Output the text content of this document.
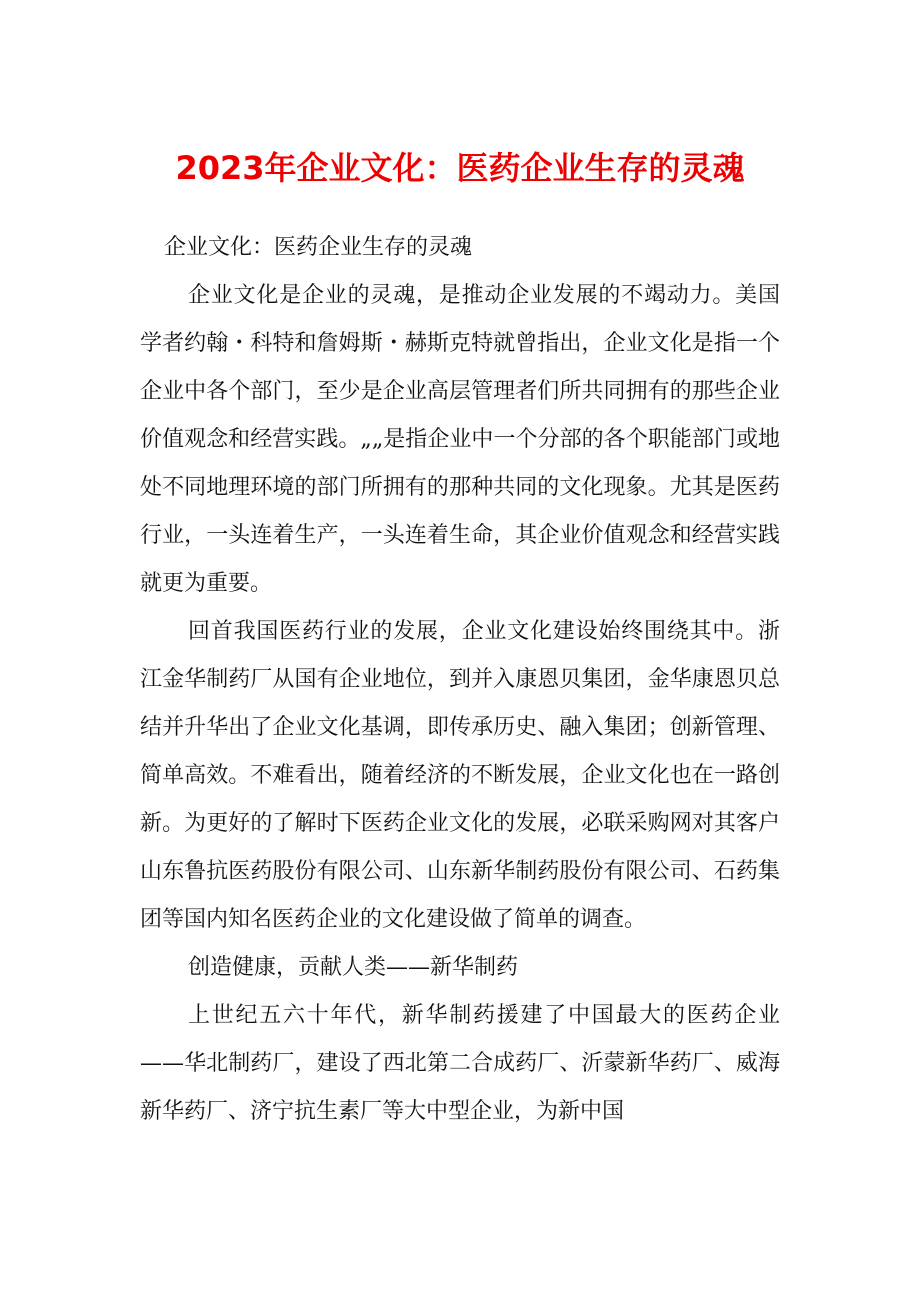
2023年企业文化：医药企业生存的灵魂

企业文化：医药企业生存的灵魂

企业文化是企业的灵魂，是推动企业发展的不竭动力。美国学者约翰・科特和詹姆斯・赫斯克特就曾指出，企业文化是指一个企业中各个部门，至少是企业高层管理者们所共同拥有的那些企业价值观念和经营实践。„„是指企业中一个分部的各个职能部门或地处不同地理环境的部门所拥有的那种共同的文化现象。尤其是医药行业，一头连着生产，一头连着生命，其企业价值观念和经营实践就更为重要。

回首我国医药行业的发展，企业文化建设始终围绕其中。浙江金华制药厂从国有企业地位，到并入康恩贝集团，金华康恩贝总结并升华出了企业文化基调，即传承历史、融入集团；创新管理、简单高效。不难看出，随着经济的不断发展，企业文化也在一路创新。为更好的了解时下医药企业文化的发展，必联采购网对其客户山东鲁抗医药股份有限公司、山东新华制药股份有限公司、石药集团等国内知名医药企业的文化建设做了简单的调查。

创造健康，贡献人类——新华制药

上世纪五六十年代，新华制药援建了中国最大的医药企业——华北制药厂，建设了西北第二合成药厂、沂蒙新华药厂、威海新华药厂、济宁抗生素厂等大中型企业，为新中国
